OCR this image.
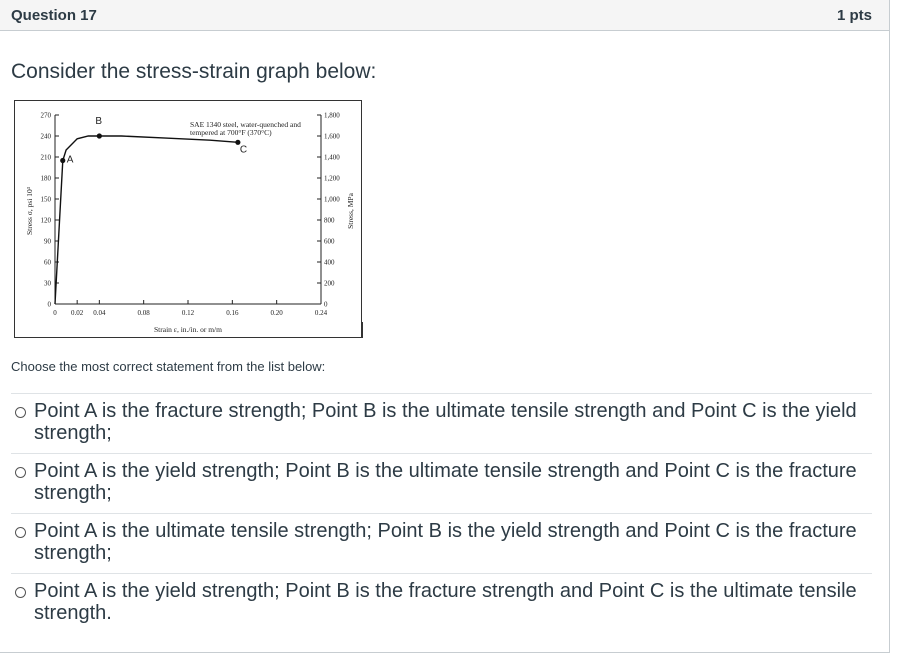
Question 17	1 pts
Consider the stress-strain graph below:
0
30
60
90
120
150
180
210
240
270
0
200
400
600
800
1,000
1,200
1,400
1,600
1,800
0 0.02 0.04	0.08	0.12	0.16	0.20	0.24
A
B
C
SAE 1340 steel, water-quenched and
tempered at 700°F (370°C)
Strain ε, in./in. or m/m
Stress σ, psi 10³	Stress, MPa
Choose the most correct statement from the list below:
Point A is the fracture strength; Point B is the ultimate tensile strength and Point C is the yield strength;
Point A is the yield strength; Point B is the ultimate tensile strength and Point C is the fracture strength;
Point A is the ultimate tensile strength; Point B is the yield strength and Point C is the fracture strength;
Point A is the yield strength; Point B is the fracture strength and Point C is the ultimate tensile strength.
